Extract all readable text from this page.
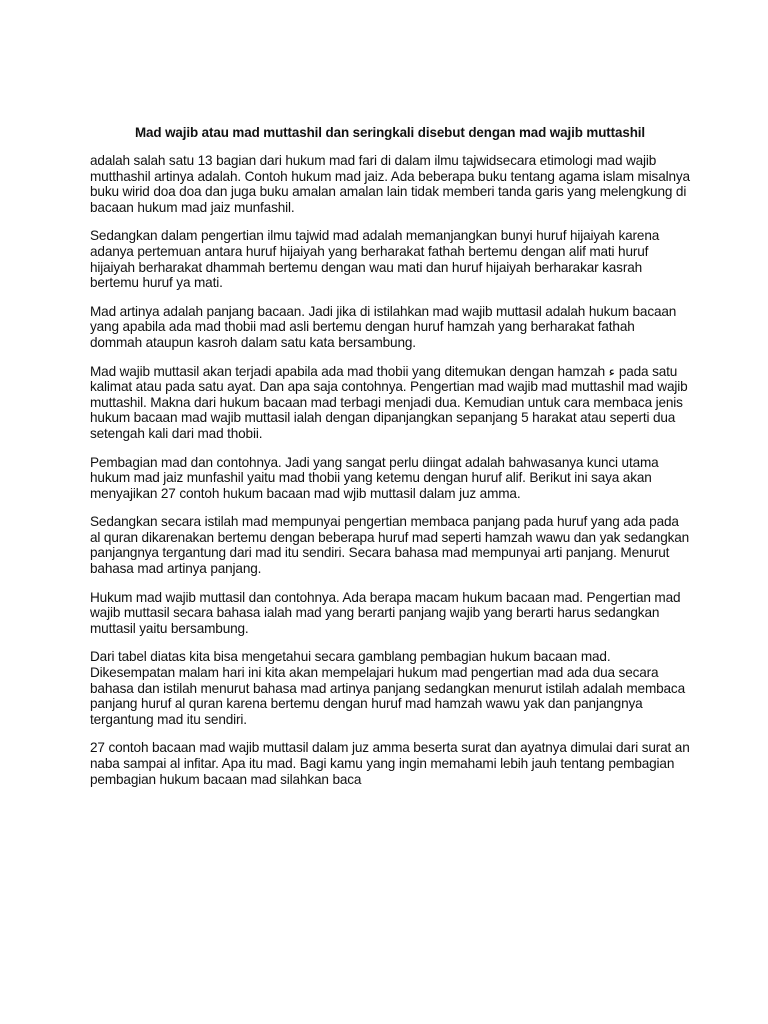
Mad wajib atau mad muttashil dan seringkali disebut dengan mad wajib muttashil
adalah salah satu 13 bagian dari hukum mad fari di dalam ilmu tajwidsecara etimologi mad wajib mutthashil artinya adalah. Contoh hukum mad jaiz. Ada beberapa buku tentang agama islam misalnya buku wirid doa doa dan juga buku amalan amalan lain tidak memberi tanda garis yang melengkung di bacaan hukum mad jaiz munfashil.
Sedangkan dalam pengertian ilmu tajwid mad adalah memanjangkan bunyi huruf hijaiyah karena adanya pertemuan antara huruf hijaiyah yang berharakat fathah bertemu dengan alif mati huruf hijaiyah berharakat dhammah bertemu dengan wau mati dan huruf hijaiyah berharakar kasrah bertemu huruf ya mati.
Mad artinya adalah panjang bacaan. Jadi jika di istilahkan mad wajib muttasil adalah hukum bacaan yang apabila ada mad thobii mad asli bertemu dengan huruf hamzah yang berharakat fathah dommah ataupun kasroh dalam satu kata bersambung.
Mad wajib muttasil akan terjadi apabila ada mad thobii yang ditemukan dengan hamzah ء pada satu kalimat atau pada satu ayat. Dan apa saja contohnya. Pengertian mad wajib mad muttashil mad wajib muttashil. Makna dari hukum bacaan mad terbagi menjadi dua. Kemudian untuk cara membaca jenis hukum bacaan mad wajib muttasil ialah dengan dipanjangkan sepanjang 5 harakat atau seperti dua setengah kali dari mad thobii.
Pembagian mad dan contohnya. Jadi yang sangat perlu diingat adalah bahwasanya kunci utama hukum mad jaiz munfashil yaitu mad thobii yang ketemu dengan huruf alif. Berikut ini saya akan menyajikan 27 contoh hukum bacaan mad wjib muttasil dalam juz amma.
Sedangkan secara istilah mad mempunyai pengertian membaca panjang pada huruf yang ada pada al quran dikarenakan bertemu dengan beberapa huruf mad seperti hamzah wawu dan yak sedangkan panjangnya tergantung dari mad itu sendiri. Secara bahasa mad mempunyai arti panjang. Menurut bahasa mad artinya panjang.
Hukum mad wajib muttasil dan contohnya. Ada berapa macam hukum bacaan mad. Pengertian mad wajib muttasil secara bahasa ialah mad yang berarti panjang wajib yang berarti harus sedangkan muttasil yaitu bersambung.
Dari tabel diatas kita bisa mengetahui secara gamblang pembagian hukum bacaan mad. Dikesempatan malam hari ini kita akan mempelajari hukum mad pengertian mad ada dua secara bahasa dan istilah menurut bahasa mad artinya panjang sedangkan menurut istilah adalah membaca panjang huruf al quran karena bertemu dengan huruf mad hamzah wawu yak dan panjangnya tergantung mad itu sendiri.
27 contoh bacaan mad wajib muttasil dalam juz amma beserta surat dan ayatnya dimulai dari surat an naba sampai al infitar. Apa itu mad. Bagi kamu yang ingin memahami lebih jauh tentang pembagian pembagian hukum bacaan mad silahkan baca
